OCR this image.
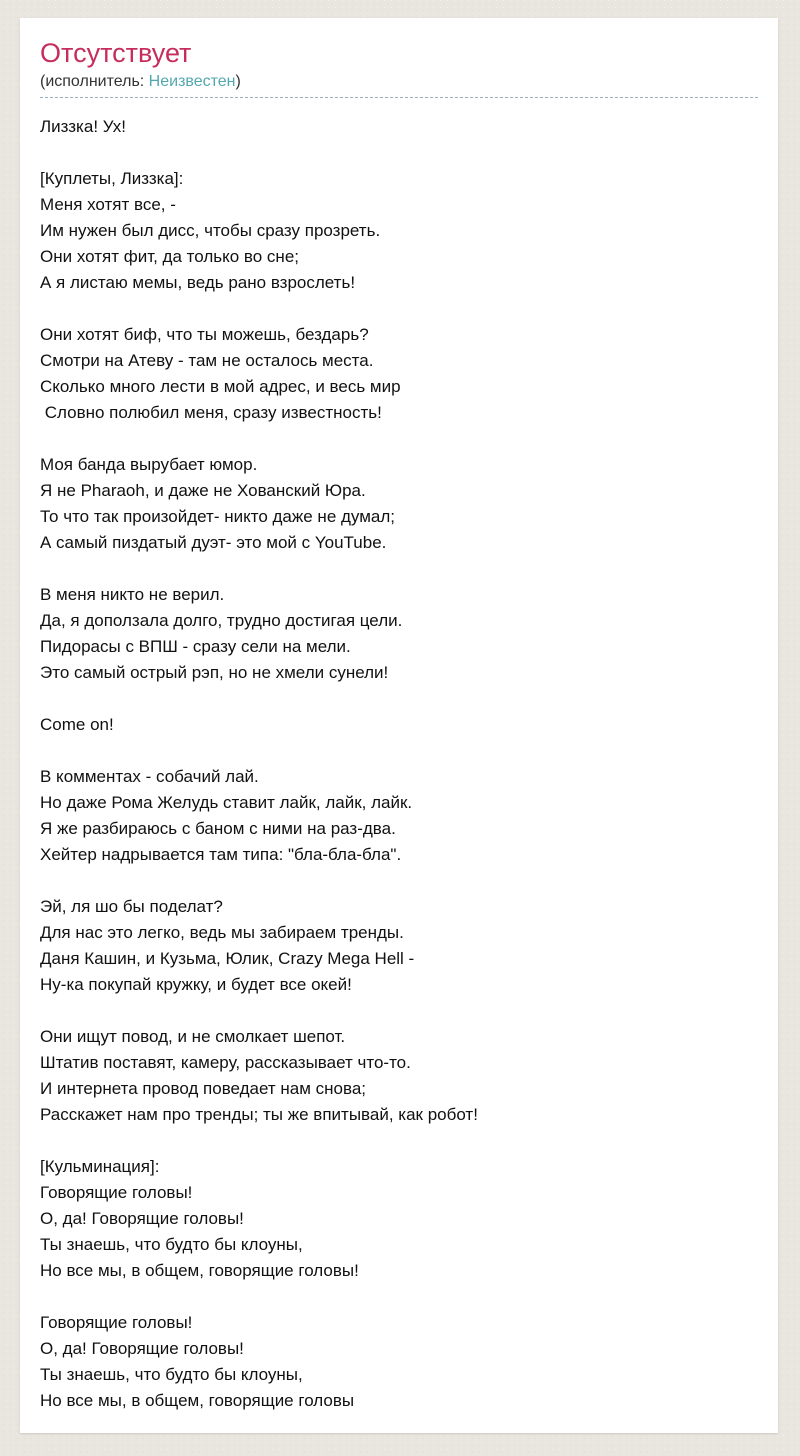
Отсутствует

(исполнитель: Неизвестен)

Лиззка! Ух!
[Куплеты, Лиззка]:
Меня хотят все, -
Им нужен был дисс, чтобы сразу прозреть.
Они хотят фит, да только во сне;
А я листаю мемы, ведь рано взрослеть!
Они хотят биф, что ты можешь, бездарь?
Смотри на Атеву - там не осталось места.
Сколько много лести в мой адрес, и весь мир
Словно полюбил меня, сразу известность!
Моя банда вырубает юмор.
Я не Pharaoh, и даже не Хованский Юра.
То что так произойдет- никто даже не думал;
А самый пиздатый дуэт- это мой с YouTube.
В меня никто не верил.
Да, я доползала долго, трудно достигая цели.
Пидорасы с ВПШ - сразу сели на мели.
Это самый острый рэп, но не хмели сунели!
Come on!
В комментах - собачий лай.
Но даже Рома Желудь ставит лайк, лайк, лайк.
Я же разбираюсь с баном с ними на раз-два.
Хейтер надрывается там типа: "бла-бла-бла".
Эй, ля шо бы поделат?
Для нас это легко, ведь мы забираем тренды.
Даня Кашин, и Кузьма, Юлик, Crazy Mega Hell -
Ну-ка покупай кружку, и будет все окей!
Они ищут повод, и не смолкает шепот.
Штатив поставят, камеру, рассказывает что-то.
И интернета провод поведает нам снова;
Расскажет нам про тренды; ты же впитывай, как робот!
[Кульминация]:
Говорящие головы!
О, да! Говорящие головы!
Ты знаешь, что будто бы клоуны,
Но все мы, в общем, говорящие головы!
Говорящие головы!
О, да! Говорящие головы!
Ты знаешь, что будто бы клоуны,
Но все мы, в общем, говорящие головы
